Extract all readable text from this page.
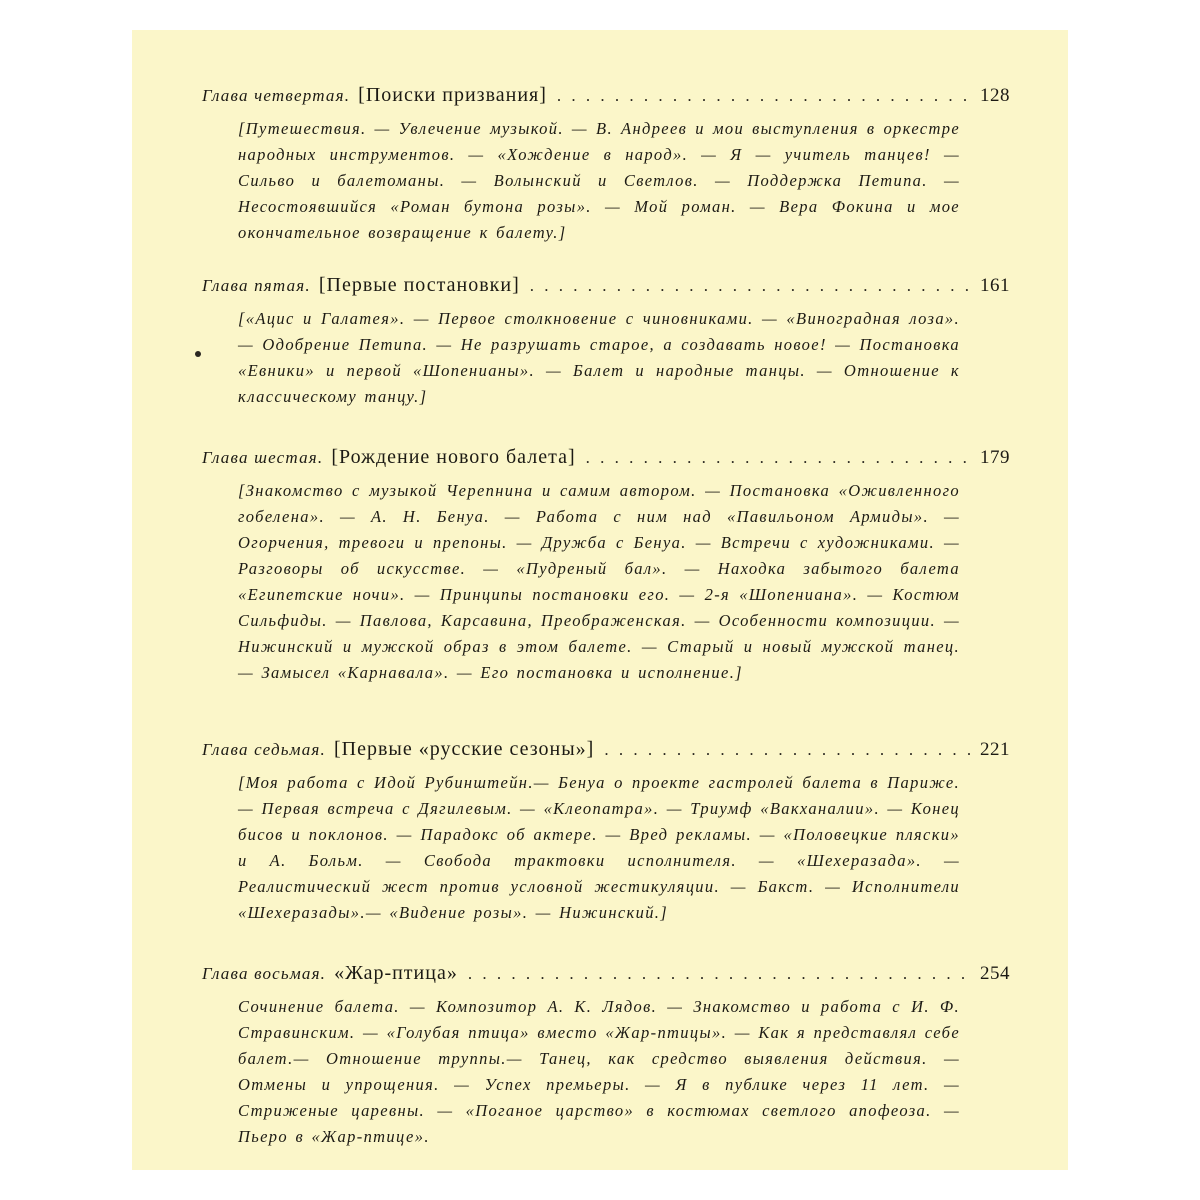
Глава четвертая. [Поиски призвания] . . .	128
[Путешествия. — Увлечение музыкой. — В. Андреев и мои выступления в оркестре народных инструментов. — «Хождение в народ». — Я — учитель танцев! — Сильво и балетоманы. — Волынский и Светлов. — Поддержка Петипа. — Несостоявшийся «Роман бутона розы». — Мой роман. — Вера Фокина и мое окончательное возвращение к балету.]
Глава пятая. [Первые постановки] . . .	161
[«Ацис и Галатея». — Первое столкновение с чиновниками. — «Виноградная лоза». — Одобрение Петипа. — Не разрушать старое, а создавать новое! — Постановка «Евники» и первой «Шопенианы». — Балет и народные танцы. — Отношение к классическому танцу.]
Глава шестая. [Рождение нового балета] . . .	179
[Знакомство с музыкой Черепнина и самим автором. — Постановка «Оживленного гобелена». — А. Н. Бенуа. — Работа с ним над «Павильоном Армиды». — Огорчения, тревоги и препоны. — Дружба с Бенуа. — Встречи с художниками. — Разговоры об искусстве. — «Пудреный бал». — Находка забытого балета «Египетские ночи». — Принципы постановки его. — 2-я «Шопениана». — Костюм Сильфиды. — Павлова, Карсавина, Преображенская. — Особенности композиции. — Нижинский и мужской образ в этом балете. — Старый и новый мужской танец. — Замысел «Карнавала». — Его постановка и исполнение.]
Глава седьмая. [Первые «русские сезоны»] . . .	221
[Моя работа с Идой Рубинштейн.— Бенуа о проекте гастролей балета в Париже. — Первая встреча с Дягилевым. — «Клеопатра». — Триумф «Вакханалии». — Конец бисов и поклонов. — Парадокс об актере. — Вред рекламы. — «Половецкие пляски» и А. Больм. — Свобода трактовки исполнителя. — «Шехеразада». — Реалистический жест против условной жестикуляции. — Бакст. — Исполнители «Шехеразады».— «Видение розы». — Нижинский.]
Глава восьмая. «Жар-птица» . . .	254
Сочинение балета. — Композитор А. К. Лядов. — Знакомство и работа с И. Ф. Стравинским. — «Голубая птица» вместо «Жар-птицы». — Как я представлял себе балет.— Отношение труппы.— Танец, как средство выявления действия. — Отмены и упрощения. — Успех премьеры. — Я в публике через 11 лет. — Стриженые царевны. — «Поганое царство» в костюмах светлого апофеоза. — Пьеро в «Жар-птице».
